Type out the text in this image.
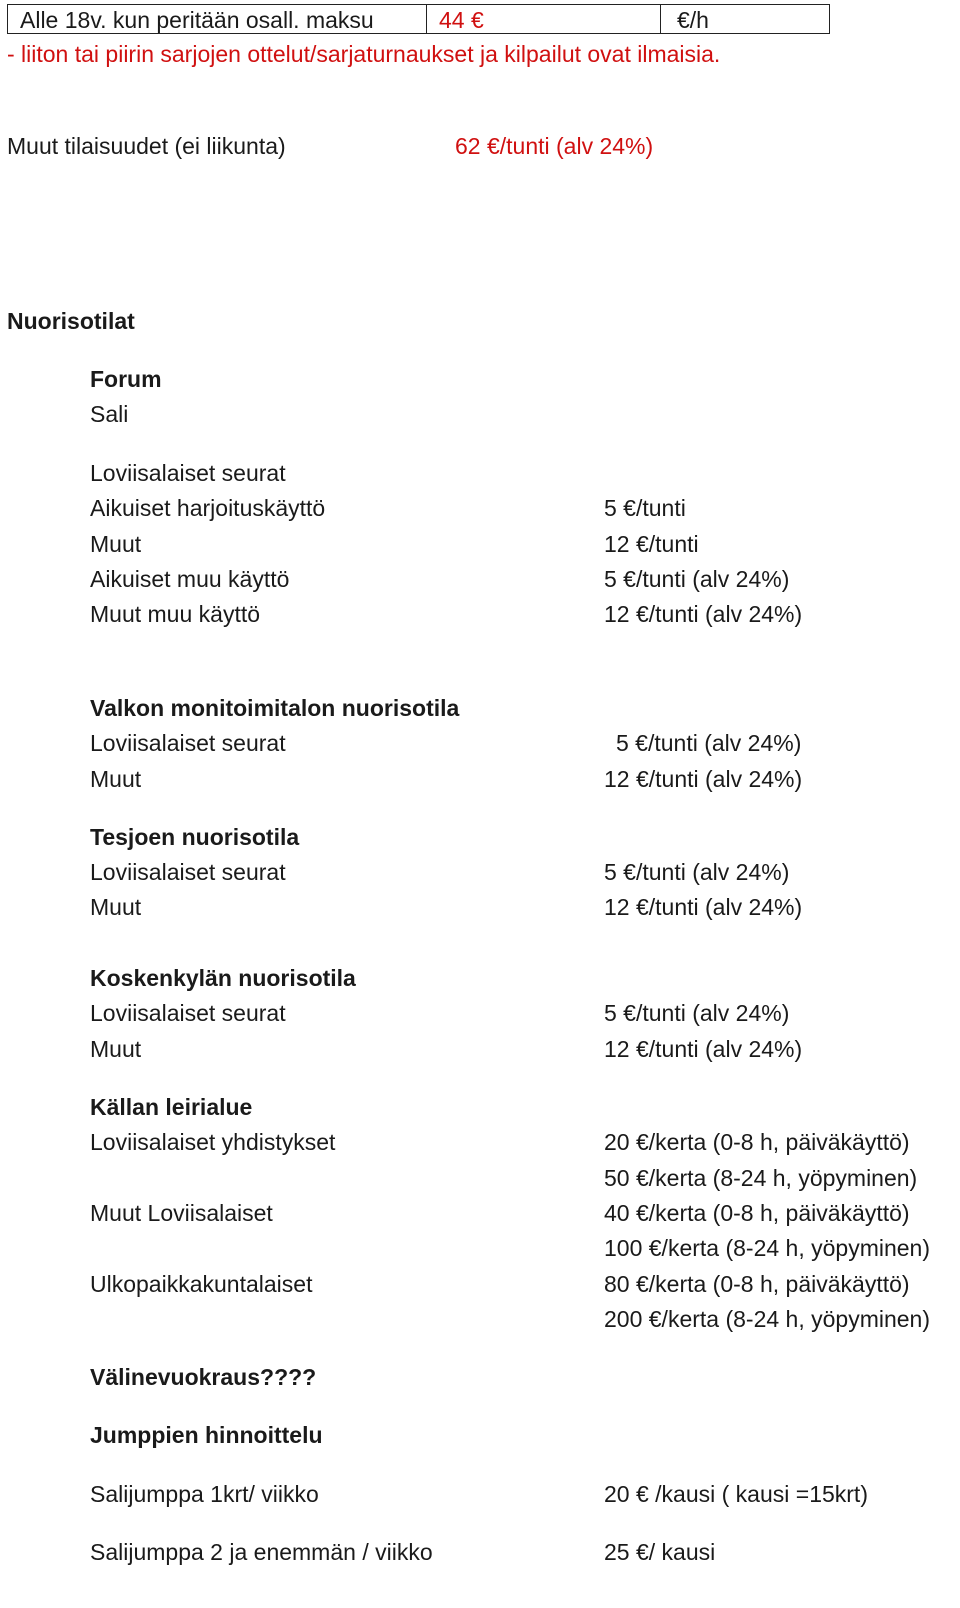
Alle 18v. kun peritään osall. maksu	44 €	€/h
- liiton tai piirin sarjojen ottelut/sarjaturnaukset ja kilpailut ovat ilmaisia.
Muut tilaisuudet (ei liikunta)	62 €/tunti (alv 24%)
Nuorisotilat
Forum
Sali
Loviisalaiset seurat
Aikuiset harjoituskäyttö	5 €/tunti
Muut	12 €/tunti
Aikuiset muu käyttö	5 €/tunti (alv 24%)
Muut muu käyttö	12 €/tunti (alv 24%)
Valkon monitoimitalon nuorisotila
Loviisalaiset seurat	5 €/tunti (alv 24%)
Muut	12 €/tunti (alv 24%)
Tesjoen nuorisotila
Loviisalaiset seurat	5 €/tunti (alv 24%)
Muut	12 €/tunti (alv 24%)
Koskenkylän nuorisotila
Loviisalaiset seurat	5 €/tunti (alv 24%)
Muut	12 €/tunti (alv 24%)
Källan leirialue
Loviisalaiset yhdistykset	20 €/kerta (0-8 h, päiväkäyttö)
50 €/kerta (8-24 h, yöpyminen)
Muut Loviisalaiset	40 €/kerta (0-8 h, päiväkäyttö)
100 €/kerta (8-24 h, yöpyminen)
Ulkopaikkakuntalaiset	80 €/kerta (0-8 h, päiväkäyttö)
200 €/kerta (8-24 h, yöpyminen)
Välinevuokraus????
Jumppien hinnoittelu
Salijumppa 1krt/ viikko	20 € /kausi ( kausi =15krt)
Salijumppa 2 ja enemmän / viikko	25 €/ kausi
